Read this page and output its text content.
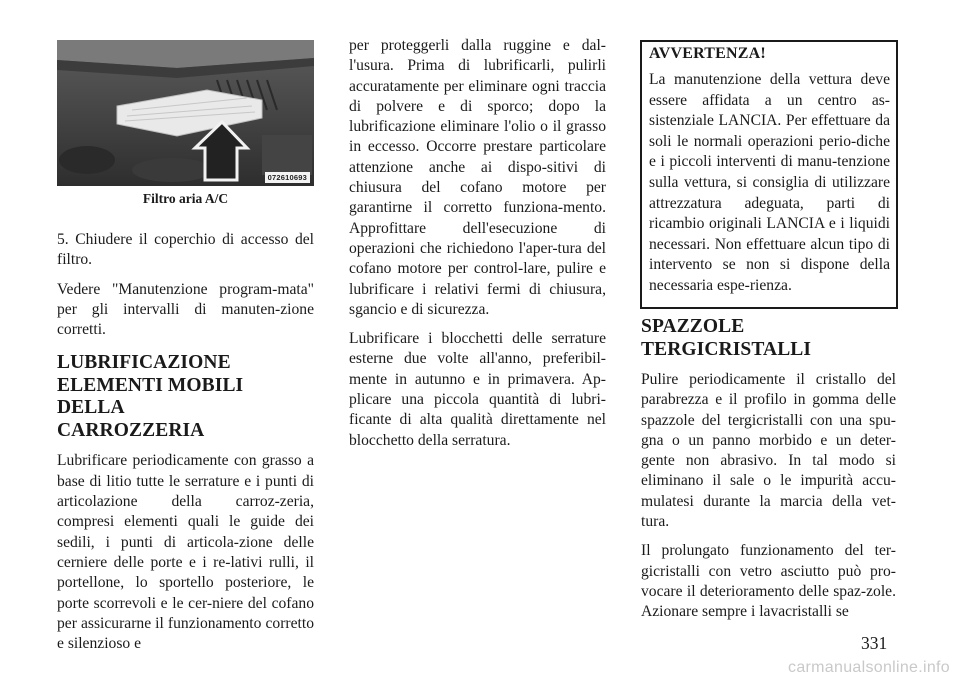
072610693
Filtro aria A/C

5. Chiudere il coperchio di accesso del filtro.

Vedere "Manutenzione program-mata" per gli intervalli di manuten-zione corretti.

LUBRIFICAZIONE
ELEMENTI MOBILI DELLA
CARROZZERIA

Lubrificare periodicamente con grasso a base di litio tutte le serrature e i punti di articolazione della carroz-zeria, compresi elementi quali le guide dei sedili, i punti di articola-zione delle cerniere delle porte e i re-lativi rulli, il portellone, lo sportello posteriore, le porte scorrevoli e le cer-niere del cofano per assicurarne il funzionamento corretto e silenzioso e

per proteggerli dalla ruggine e dal-l'usura. Prima di lubrificarli, pulirli accuratamente per eliminare ogni traccia di polvere e di sporco; dopo la lubrificazione eliminare l'olio o il grasso in eccesso. Occorre prestare particolare attenzione anche ai dispo-sitivi di chiusura del cofano motore per garantirne il corretto funziona-mento. Approfittare dell'esecuzione di operazioni che richiedono l'aper-tura del cofano motore per control-lare, pulire e lubrificare i relativi fermi di chiusura, sgancio e di sicurezza.

Lubrificare i blocchetti delle serrature esterne due volte all'anno, preferibil-mente in autunno e in primavera. Ap-plicare una piccola quantità di lubri-ficante di alta qualità direttamente nel blocchetto della serratura.

AVVERTENZA!

La manutenzione della vettura deve essere affidata a un centro as-sistenziale LANCIA. Per effettuare da soli le normali operazioni perio-diche e i piccoli interventi di manu-tenzione sulla vettura, si consiglia di utilizzare attrezzatura adeguata, parti di ricambio originali LANCIA e i liquidi necessari. Non effettuare alcun tipo di intervento se non si dispone della necessaria espe-rienza.

SPAZZOLE
TERGICRISTALLI

Pulire periodicamente il cristallo del parabrezza e il profilo in gomma delle spazzole del tergicristalli con una spu-gna o un panno morbido e un deter-gente non abrasivo. In tal modo si eliminano il sale o le impurità accu-mulatesi durante la marcia della vet-tura.

Il prolungato funzionamento del ter-gicristalli con vetro asciutto può pro-vocare il deterioramento delle spaz-zole. Azionare sempre i lavacristalli se

331
carmanualsonline.info
